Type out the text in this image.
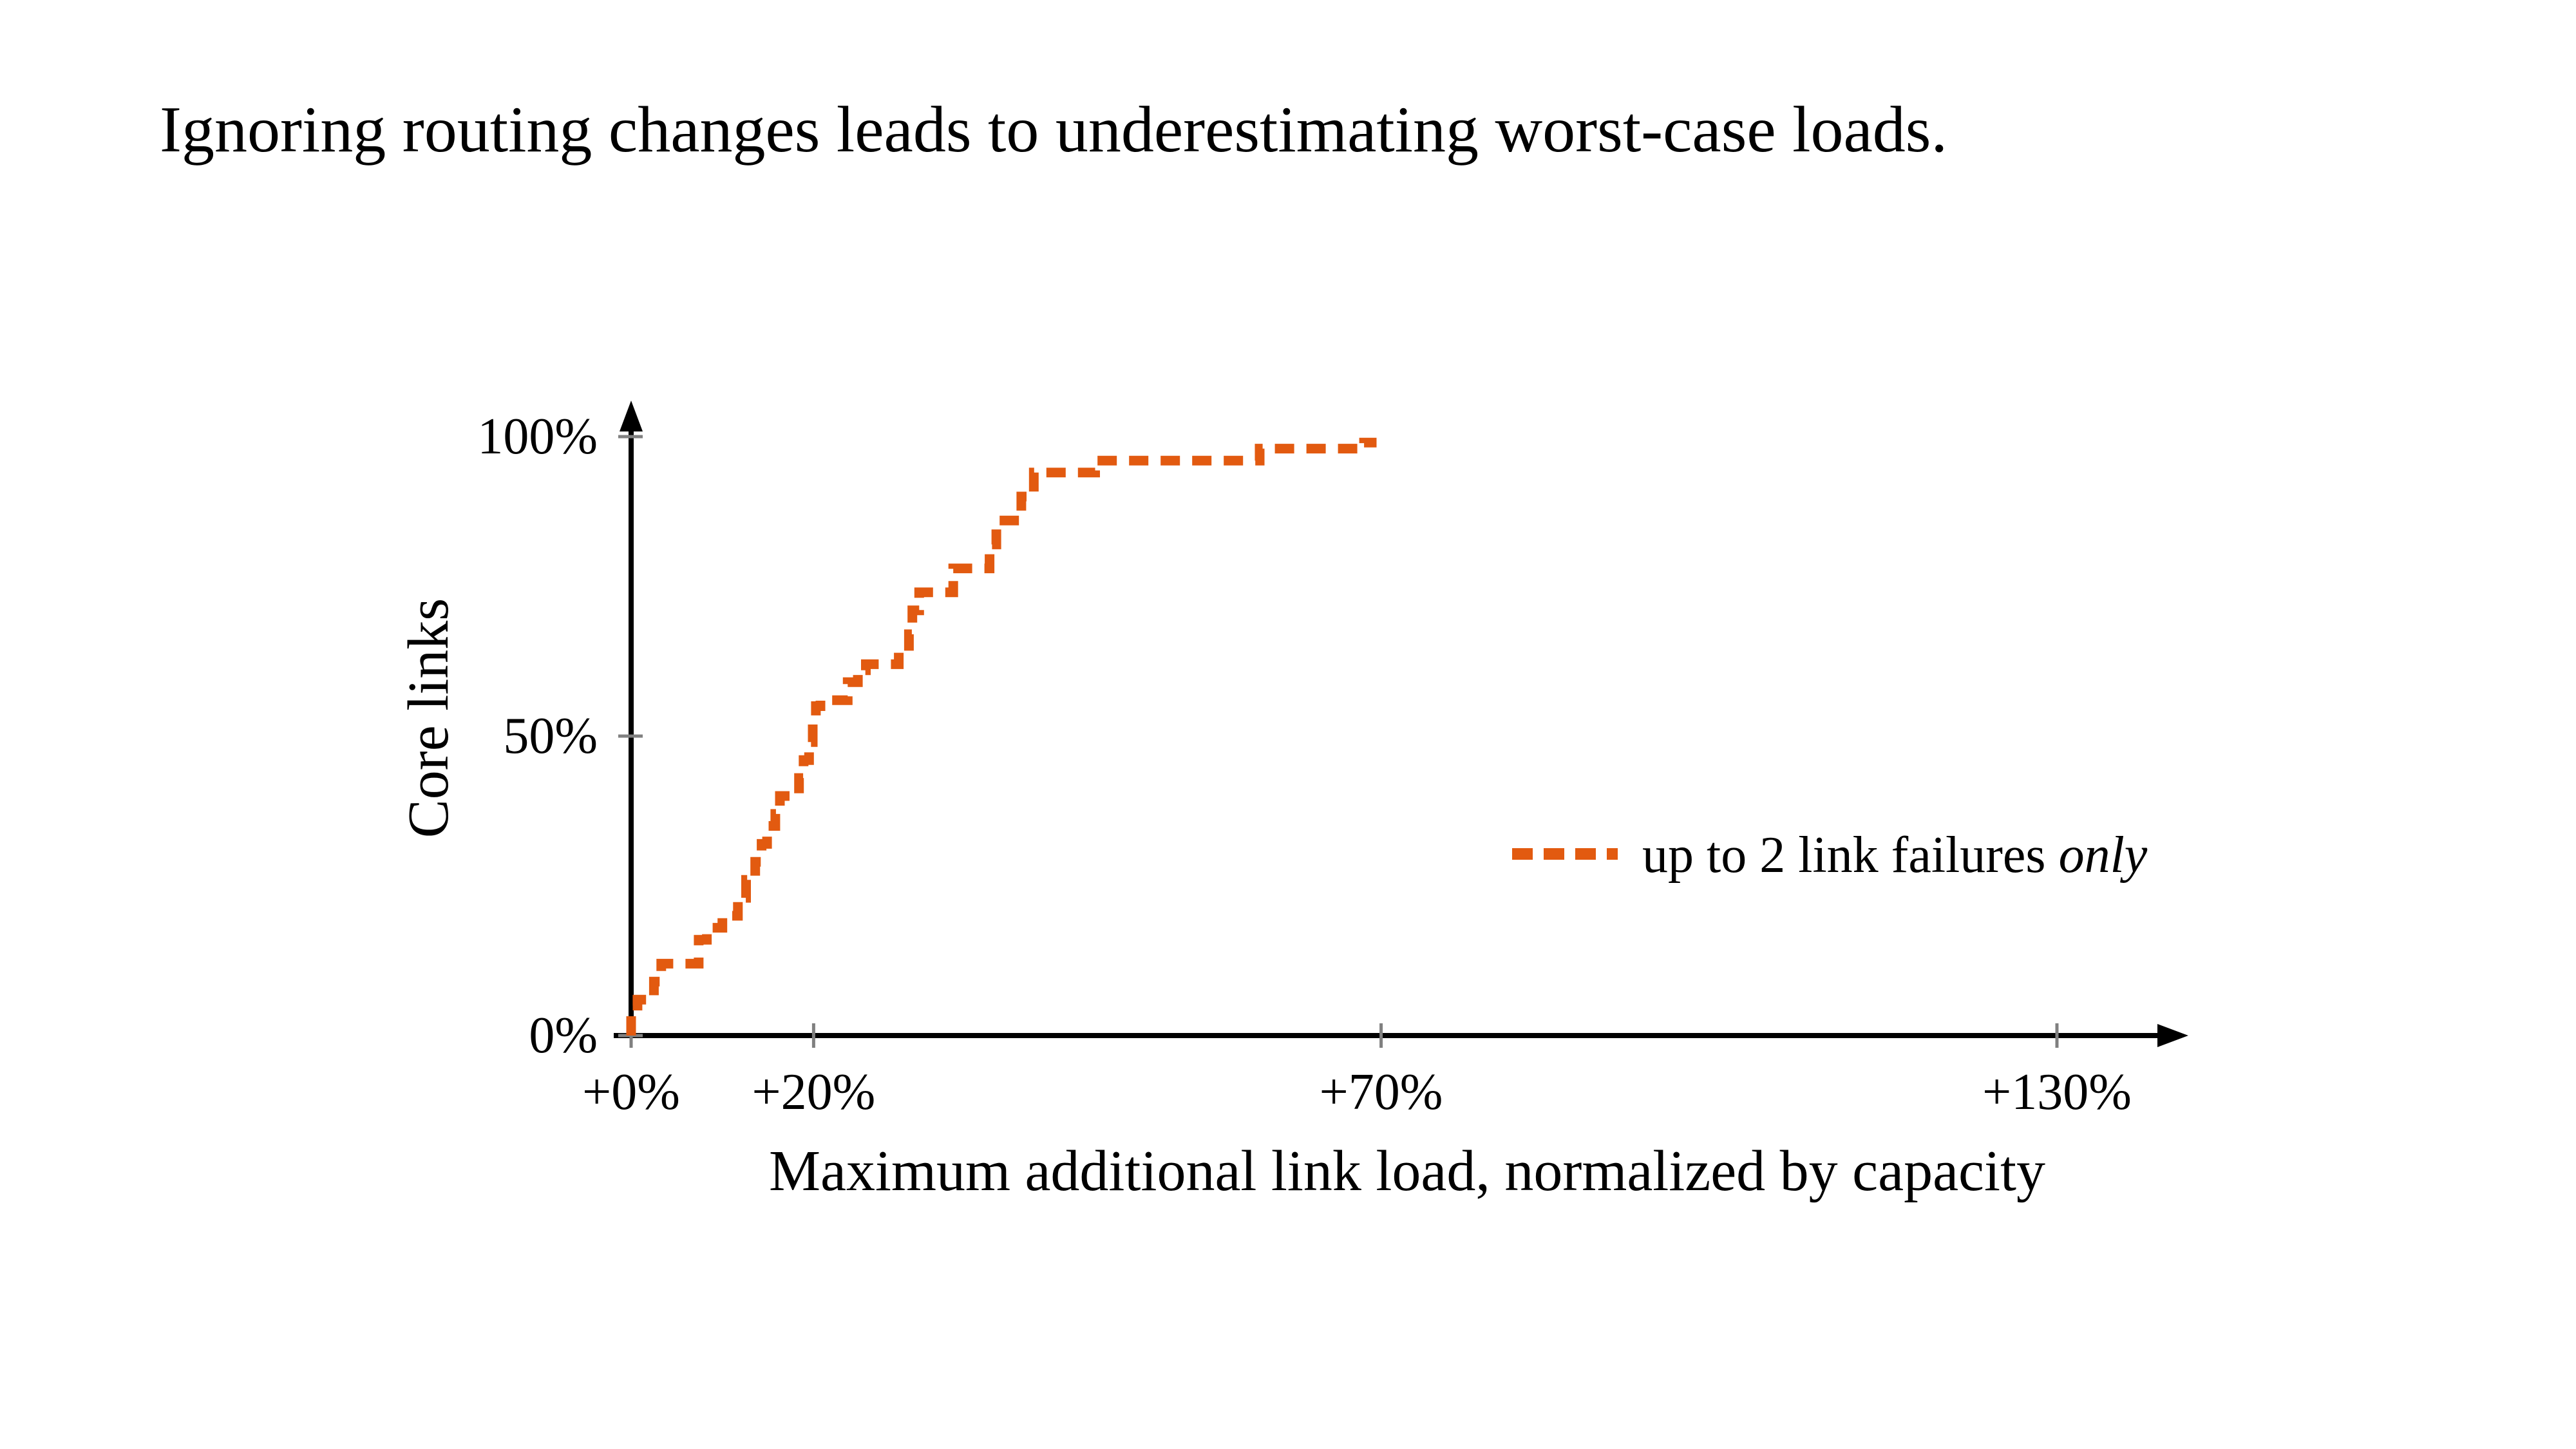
Ignoring routing changes leads to underestimating worst-case loads.
+0% +20%	+70%	+130%
0%
50%
100%
Maximum additional link load, normalized by capacity
Core links
up to 2 link failures only
